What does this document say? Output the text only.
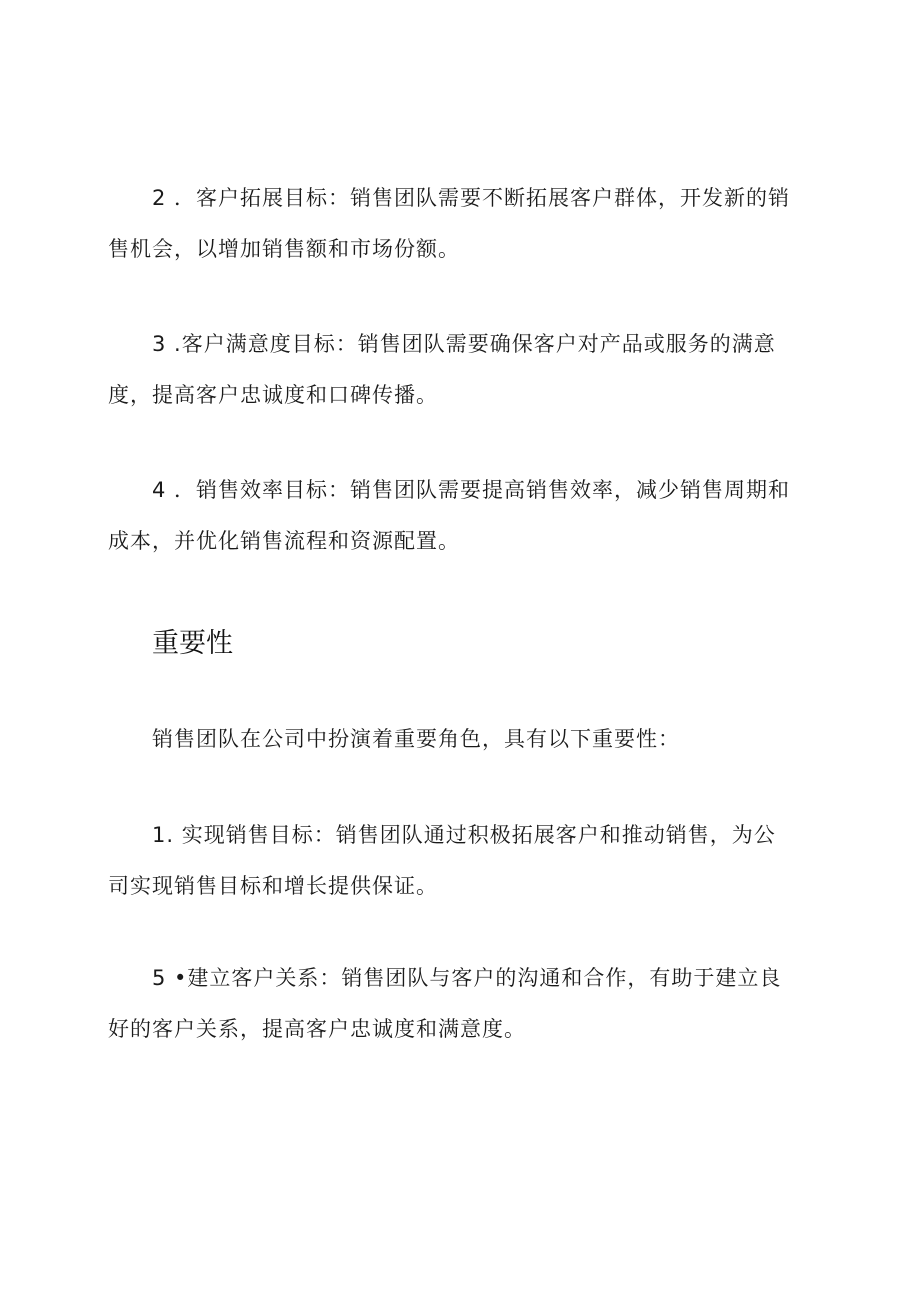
2 ．客户拓展目标：销售团队需要不断拓展客户群体，开发新的销
售机会，以增加销售额和市场份额。

3 .客户满意度目标：销售团队需要确保客户对产品或服务的满意
度，提高客户忠诚度和口碑传播。

4 ．销售效率目标：销售团队需要提高销售效率，减少销售周期和
成本，并优化销售流程和资源配置。

重要性

销售团队在公司中扮演着重要角色，具有以下重要性：

1. 实现销售目标：销售团队通过积极拓展客户和推动销售，为公
司实现销售目标和增长提供保证。

5 •建立客户关系：销售团队与客户的沟通和合作，有助于建立良
好的客户关系，提高客户忠诚度和满意度。
